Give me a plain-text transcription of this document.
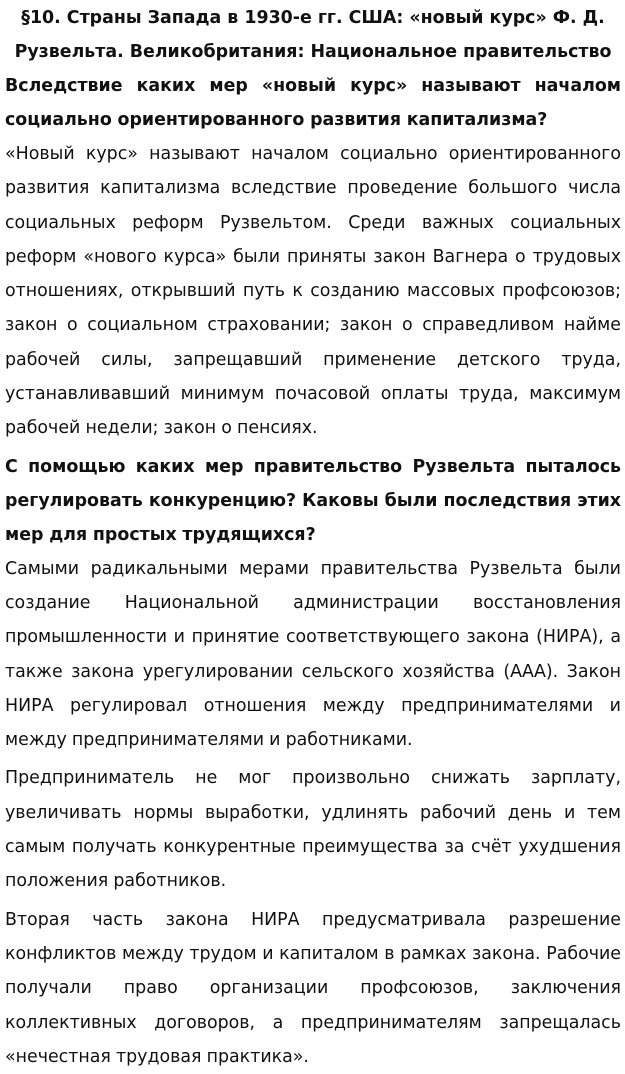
§10. Страны Запада в 1930-е гг. США: «новый курс» Ф. Д. Рузвельта. Великобритания: Национальное правительство

Вследствие каких мер «новый курс» называют началом социально ориентированного развития капитализма?

«Новый курс» называют началом социально ориентированного развития капитализма вследствие проведение большого числа социальных реформ Рузвельтом. Среди важных социальных реформ «нового курса» были приняты закон Вагнера о трудовых отношениях, открывший путь к созданию массовых профсоюзов; закон о социальном страховании; закон о справедливом найме рабочей силы, запрещавший применение детского труда, устанавливавший минимум почасовой оплаты труда, максимум рабочей недели; закон о пенсиях.

С помощью каких мер правительство Рузвельта пыталось регулировать конкуренцию? Каковы были последствия этих мер для простых трудящихся?

Самыми радикальными мерами правительства Рузвельта были создание Национальной администрации восстановления промышленности и принятие соответствующего закона (НИРА), а также закона урегулировании сельского хозяйства (ААА). Закон НИРА регулировал отношения между предпринимателями и между предпринимателями и работниками.

Предприниматель не мог произвольно снижать зарплату, увеличивать нормы выработки, удлинять рабочий день и тем самым получать конкурентные преимущества за счёт ухудшения положения работников.

Вторая часть закона НИРА предусматривала разрешение конфликтов между трудом и капиталом в рамках закона. Рабочие получали право организации профсоюзов, заключения коллективных договоров, а предпринимателям запрещалась «нечестная трудовая практика».
